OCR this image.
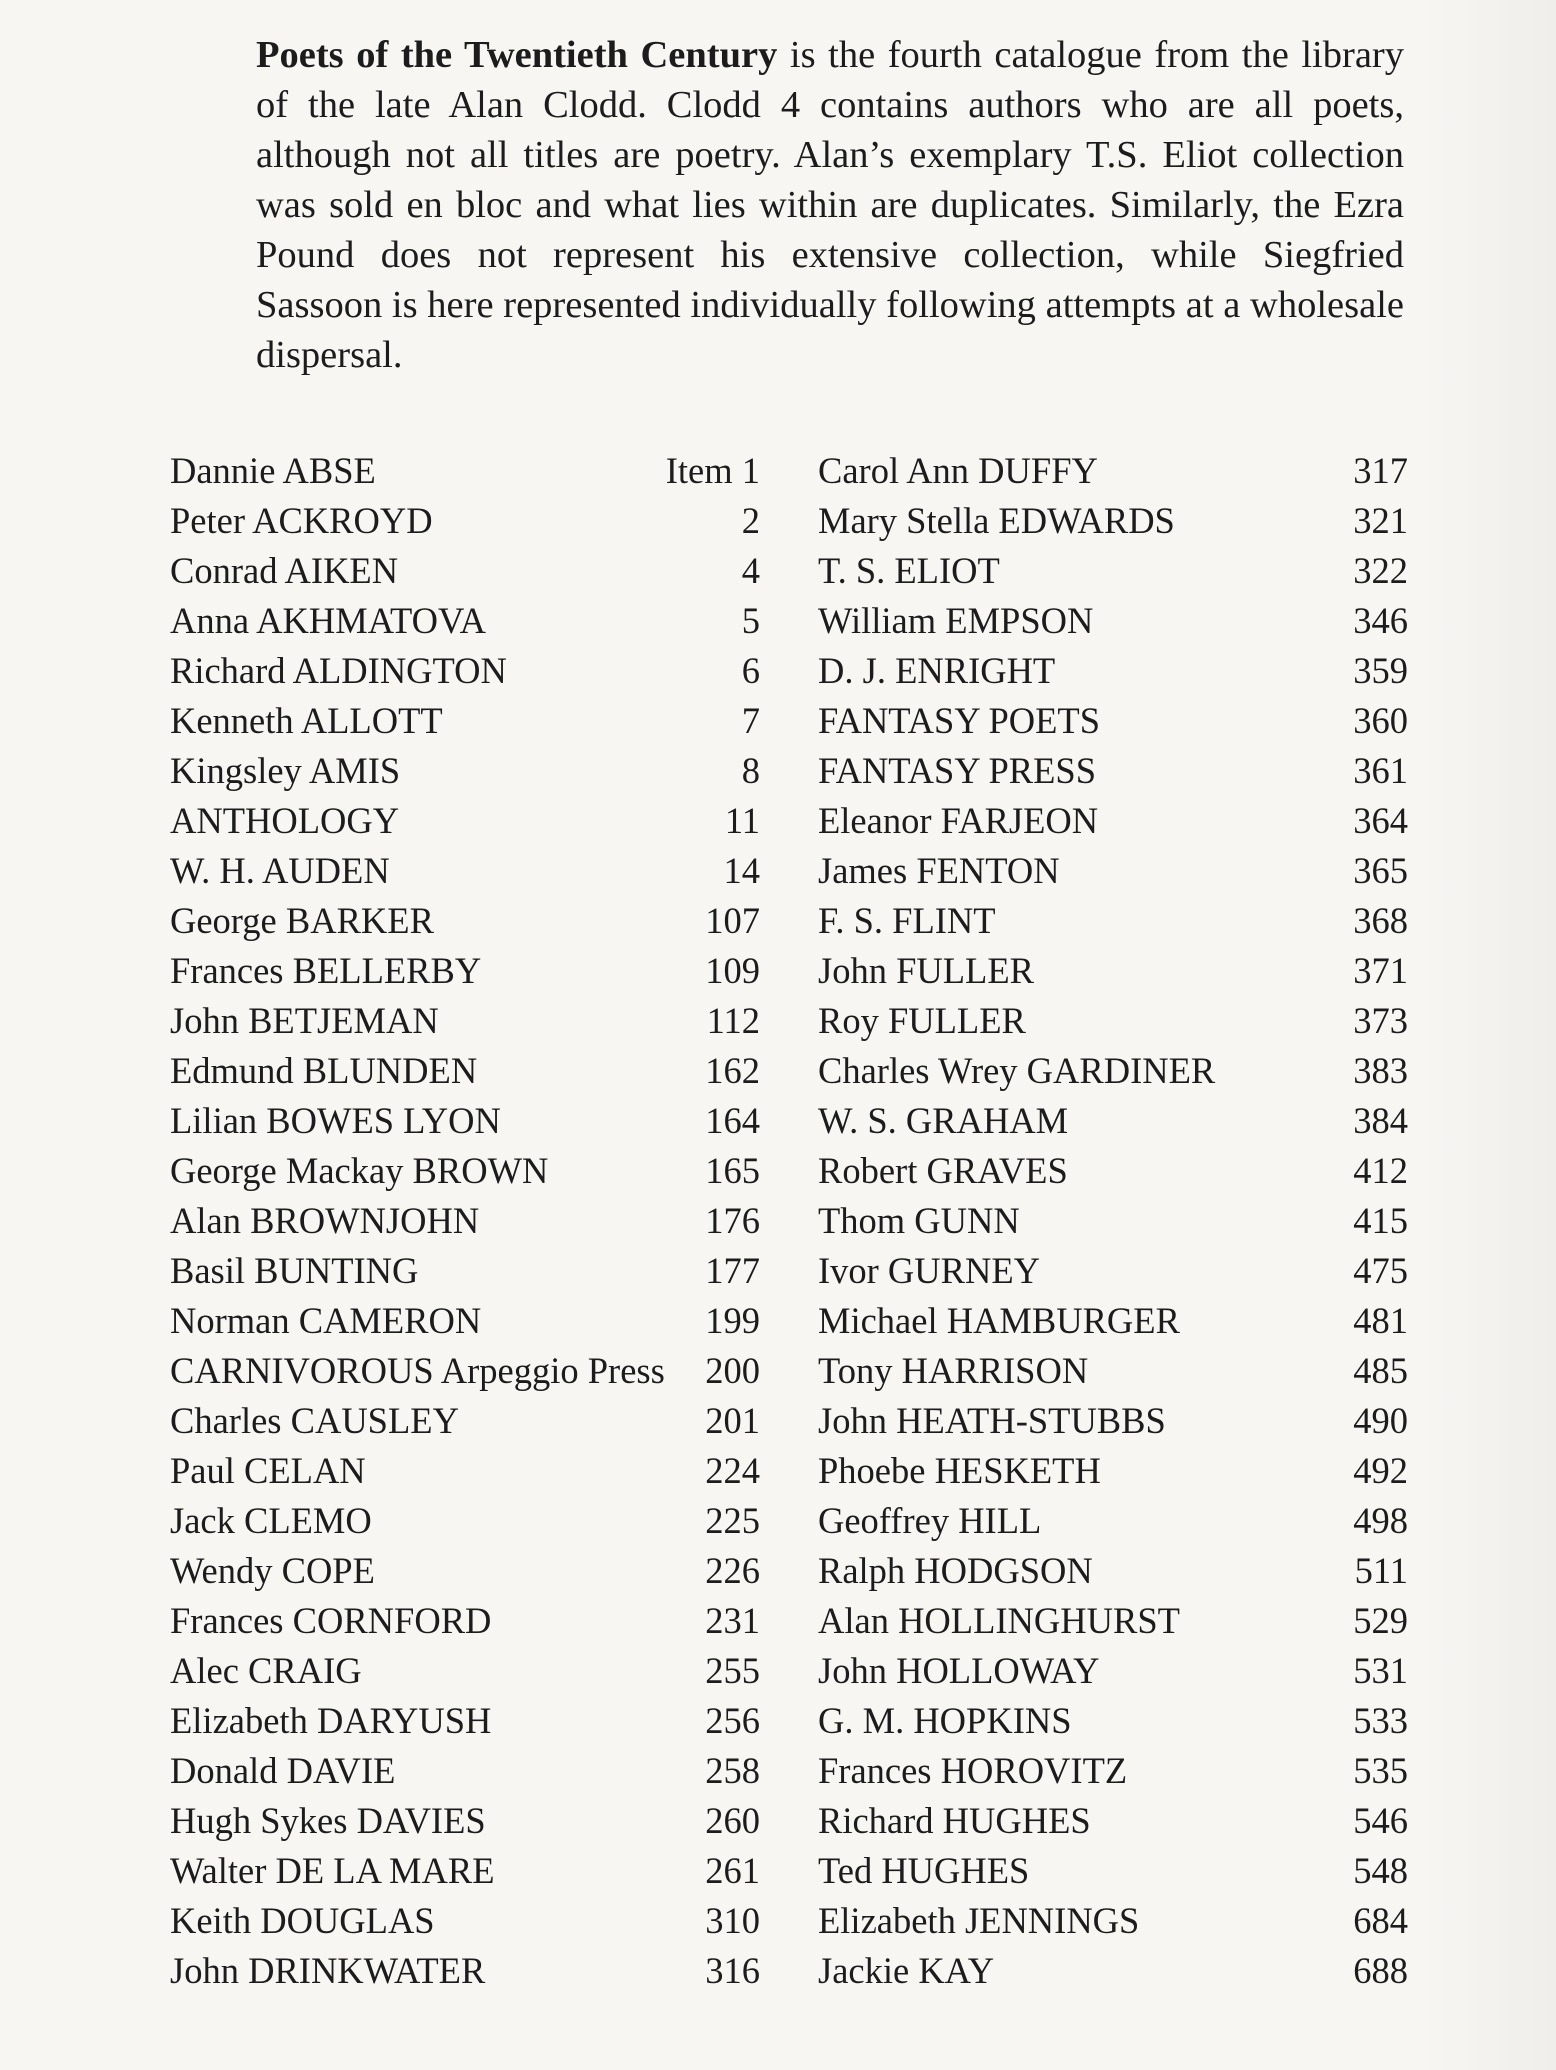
Poets of the Twentieth Century is the fourth catalogue from the library of the late Alan Clodd. Clodd 4 contains authors who are all poets, although not all titles are poetry. Alan’s exemplary T.S. Eliot collection was sold en bloc and what lies within are duplicates. Similarly, the Ezra Pound does not represent his extensive collection, while Siegfried Sassoon is here represented individually following attempts at a wholesale dispersal.

Dannie ABSE	Item 1
Peter ACKROYD	2
Conrad AIKEN	4
Anna AKHMATOVA	5
Richard ALDINGTON	6
Kenneth ALLOTT	7
Kingsley AMIS	8
ANTHOLOGY	11
W. H. AUDEN	14
George BARKER	107
Frances BELLERBY	109
John BETJEMAN	112
Edmund BLUNDEN	162
Lilian BOWES LYON	164
George Mackay BROWN	165
Alan BROWNJOHN	176
Basil BUNTING	177
Norman CAMERON	199
CARNIVOROUS Arpeggio Press 200
Charles CAUSLEY	201
Paul CELAN	224
Jack CLEMO	225
Wendy COPE	226
Frances CORNFORD	231
Alec CRAIG	255
Elizabeth DARYUSH	256
Donald DAVIE	258
Hugh Sykes DAVIES	260
Walter DE LA MARE	261
Keith DOUGLAS	310
John DRINKWATER	316
Carol Ann DUFFY	317
Mary Stella EDWARDS	321
T. S. ELIOT	322
William EMPSON	346
D. J. ENRIGHT	359
FANTASY POETS	360
FANTASY PRESS	361
Eleanor FARJEON	364
James FENTON	365
F. S. FLINT	368
John FULLER	371
Roy FULLER	373
Charles Wrey GARDINER	383
W. S. GRAHAM	384
Robert GRAVES	412
Thom GUNN	415
Ivor GURNEY	475
Michael HAMBURGER	481
Tony HARRISON	485
John HEATH-STUBBS	490
Phoebe HESKETH	492
Geoffrey HILL	498
Ralph HODGSON	511
Alan HOLLINGHURST	529
John HOLLOWAY	531
G. M. HOPKINS	533
Frances HOROVITZ	535
Richard HUGHES	546
Ted HUGHES	548
Elizabeth JENNINGS	684
Jackie KAY	688
